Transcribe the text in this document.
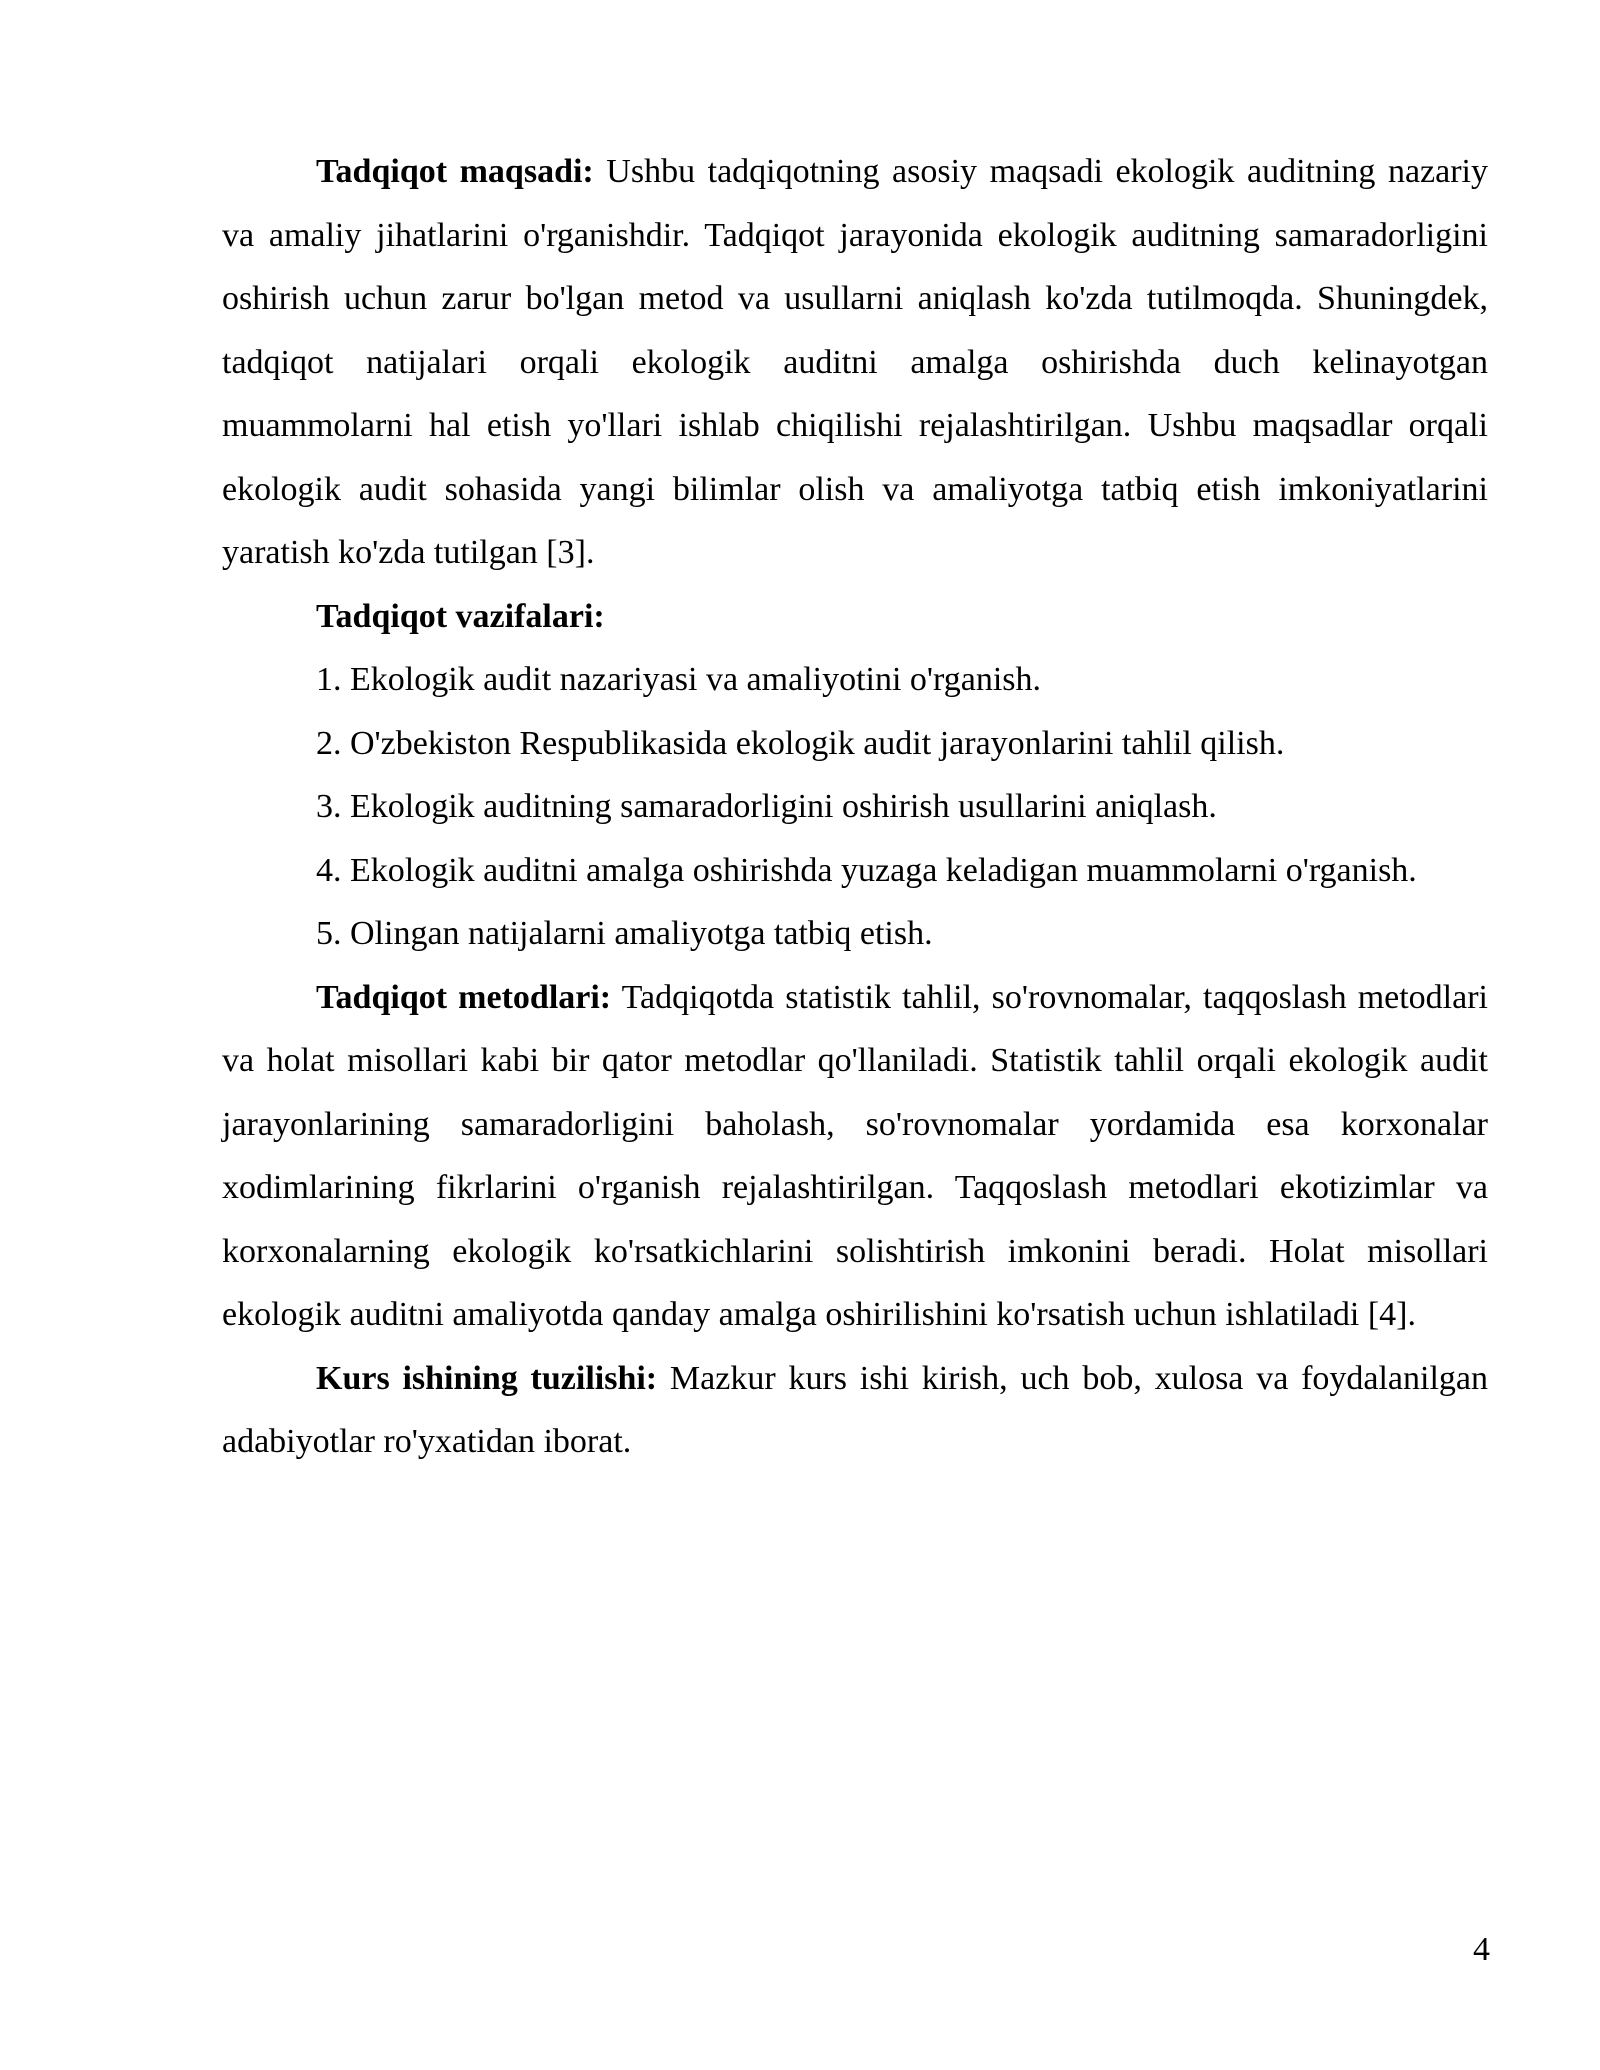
Tadqiqot maqsadi: Ushbu tadqiqotning asosiy maqsadi ekologik auditning nazariy va amaliy jihatlarini o'rganishdir. Tadqiqot jarayonida ekologik auditning samaradorligini oshirish uchun zarur bo'lgan metod va usullarni aniqlash ko'zda tutilmoqda. Shuningdek, tadqiqot natijalari orqali ekologik auditni amalga oshirishda duch kelinayotgan muammolarni hal etish yo'llari ishlab chiqilishi rejalashtirilgan. Ushbu maqsadlar orqali ekologik audit sohasida yangi bilimlar olish va amaliyotga tatbiq etish imkoniyatlarini yaratish ko'zda tutilgan [3].

Tadqiqot vazifalari:

1. Ekologik audit nazariyasi va amaliyotini o'rganish.

2. O'zbekiston Respublikasida ekologik audit jarayonlarini tahlil qilish.

3. Ekologik auditning samaradorligini oshirish usullarini aniqlash.

4. Ekologik auditni amalga oshirishda yuzaga keladigan muammolarni o'rganish.

5. Olingan natijalarni amaliyotga tatbiq etish.

Tadqiqot metodlari: Tadqiqotda statistik tahlil, so'rovnomalar, taqqoslash metodlari va holat misollari kabi bir qator metodlar qo'llaniladi. Statistik tahlil orqali ekologik audit jarayonlarining samaradorligini baholash, so'rovnomalar yordamida esa korxonalar xodimlarining fikrlarini o'rganish rejalashtirilgan. Taqqoslash metodlari ekotizimlar va korxonalarning ekologik ko'rsatkichlarini solishtirish imkonini beradi. Holat misollari ekologik auditni amaliyotda qanday amalga oshirilishini ko'rsatish uchun ishlatiladi [4].

Kurs ishining tuzilishi: Mazkur kurs ishi kirish, uch bob, xulosa va foydalanilgan adabiyotlar ro'yxatidan iborat.

4
